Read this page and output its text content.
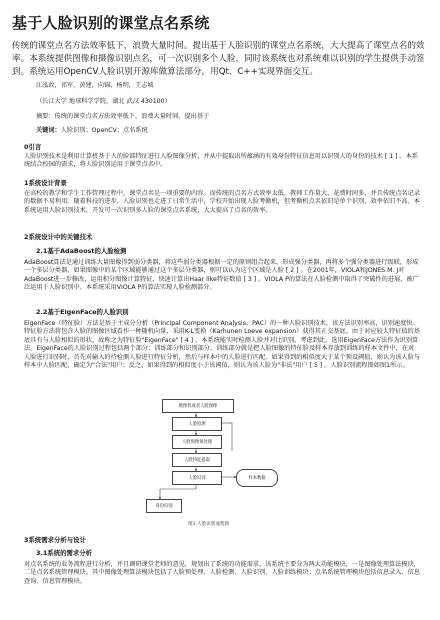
基于人脸识别的课堂点名系统
传统的课堂点名方法效率低下，浪费大量时间。提出基于人脸识别的课堂点名系统，大大提高了课堂点名的效率。本系统提供图像和摄像识别点名，可一次识别多个人脸，同时该系统也对系统难以识别的学生提供手动签到。系统运用OpenCV人脸识别开源库做算法部分，用Qt、C++实现界面交互。
江泓政，祁军，黄建，向锦，杨明，王志城
（长江大学 地球科学学院，湖北 武汉 430100）
摘要：传统的课堂点名方法效率低下，浪费大量时间。提出基于
关键词：人脸识别；OpenCV；点名系统
0引言
人脸识别技术是利用计算机基于人的脸部特征进行人脸图像分析，并从中提取出所蕴涵的有效身份特征信息用以识别人的身份的技术 [ 1 ] 。本系统结合校园的需求，将人脸识别运用于课堂点名中。
1系统设计背景
在高校的教学和学生工作管理过程中，课堂点名是一项重要的内容。而传统的点名方式效率太低，教师工作量大，花费时间多，并且传统点名记录的数据不易利用。随着科技的进步，人脸识别也走进了日常生活中，学校开始出现人脸考勤机，但考勤机点名依旧是单个识别，效率依旧不高。本系统运用人脸识别技术，开发可一次识别多人脸的课堂点名系统，大大提高了点名的效率。
2系统设计中的关键技术
2.1基于AdaBoost的人脸检测
AdaBoost算法是通过训练大量图像得到弱分类器，将这些弱分类器根据一定的原则组合起来，形成强分类器，再将多个强分类器进行级联，形成一个多层分类器，如果图像中的某个区域能够通过这个多层分类器，则可以认为这个区域是人脸 [ 2 ] 。在2001年，VIOLA和JONES M. J对AdaBoost进一步修改，运用积分图像计算特征，快速计算出Haar like特征数值 [ 3 ] 。VIOLA P的算法在人脸检测中取得了突破性的进展，被广泛运用于人脸识别中。本系统采用VIOLA P的算法实现人脸检测部分。
2.2基于EigenFace的人脸识别
EigenFace（特征脸）方法是基于主成分分析（Principal Component Analysis，PAC）的一种人脸识别技术，该方法识别率高，识别速度快。特征脸方法将包含人脸的图像区域看作一种随机向量，采用K-L变换（Karhunen Loeve expansion）获得其正交基底。由于对应较大特征值的基底具有与人脸相似的形状，故称之为特征脸"EigenFace" [ 4 ] 。本系统能实时检测人脸并对比识别，考虑到此，选用EigenFace方法作为识别算法。EigenFace的人脸识别过程包括两个部分：训练部分和识别部分。训练部分就是把人脸图像的特征脸及样本存放到训练的样本文件中，在对人脸进行识别时，首先对输入的待检测人脸进行特征分析，然后与样本中的人脸进行匹配。如果得到的相似度大于某个预设阈值，则认为该人脸与样本中人脸匹配，确定为"合法"用户；反之，如果得到的相似度小于该阈值，则认为该人脸为"非法"用户 [ 5 ] 。人脸识别流程图如图1所示。
摄像机或者人脸图像
人脸检测
人脸图像预处理
人脸特征提取
人脸识别	样本数据
身份识别
图1 人脸识别流程图
3系统需求分析与设计
3.1系统的需求分析
对点名系统的业务流程进行分析，并且调研课堂老师的意见，规划出了系统的功能需求。该系统主要分为两大功能模块，一是图像处理算法模块，二是点名系统管理模块。其中图像处理算法模块包括了人脸预处理、人脸检测、人脸识别、人脸训练模块；点名系统管理模块包括信息录入、信息查询、信息管理模块。
